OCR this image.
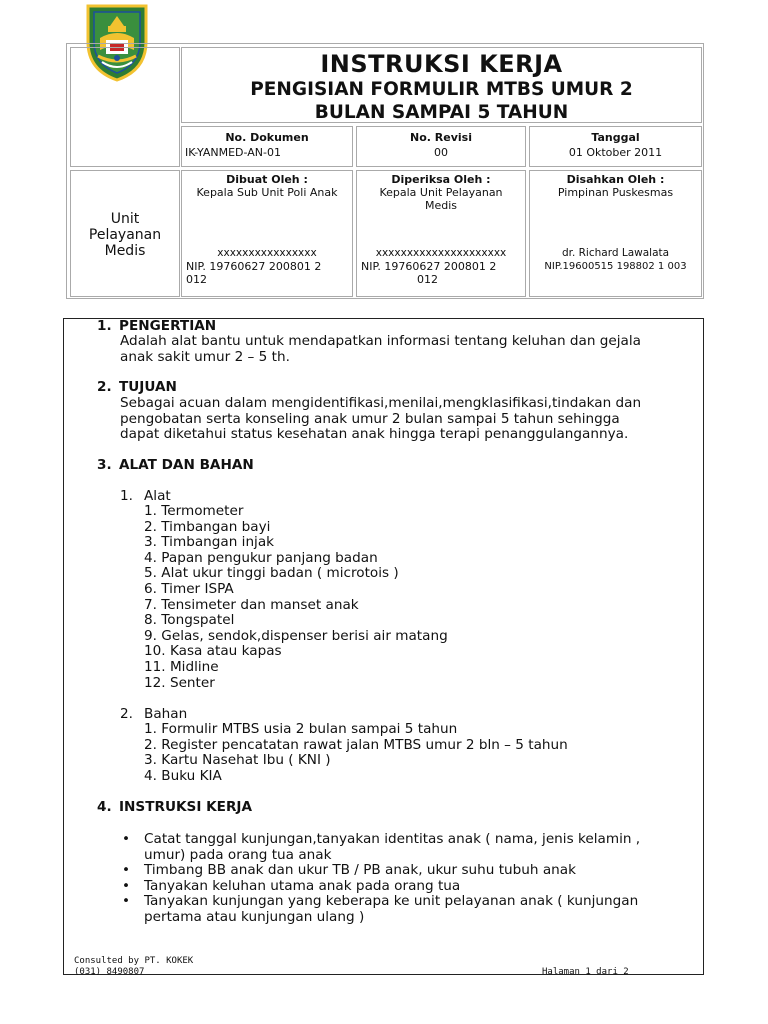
INSTRUKSI KERJA
PENGISIAN FORMULIR MTBS UMUR 2
BULAN SAMPAI 5 TAHUN
No. Dokumen
IK-YANMED-AN-01
No. Revisi
00
Tanggal
01 Oktober 2011
Unit
Pelayanan
Medis
Dibuat Oleh :
Kepala Sub Unit Poli Anak
xxxxxxxxxxxxxxxx
NIP. 19760627 200801 2
012
Diperiksa Oleh :
Kepala Unit Pelayanan
Medis
xxxxxxxxxxxxxxxxxxxxx
NIP. 19760627 200801 2
012
Disahkan Oleh :
Pimpinan Puskesmas
dr. Richard Lawalata
NIP.19600515 198802 1 003
1. PENGERTIAN
Adalah alat bantu untuk mendapatkan informasi tentang keluhan dan gejala
anak sakit umur 2 – 5 th.
2. TUJUAN
Sebagai acuan dalam mengidentifikasi,menilai,mengklasifikasi,tindakan dan
pengobatan serta konseling anak umur 2 bulan sampai 5 tahun sehingga
dapat diketahui status kesehatan anak hingga terapi penanggulangannya.
3. ALAT DAN BAHAN
1. Alat
1. Termometer
2. Timbangan bayi
3. Timbangan injak
4. Papan pengukur panjang badan
5. Alat ukur tinggi badan ( microtois )
6. Timer ISPA
7. Tensimeter dan manset anak
8. Tongspatel
9. Gelas, sendok,dispenser berisi air matang
10. Kasa atau kapas
11. Midline
12. Senter
2. Bahan
1. Formulir MTBS usia 2 bulan sampai 5 tahun
2. Register pencatatan rawat jalan MTBS umur 2 bln – 5 tahun
3. Kartu Nasehat Ibu ( KNI )
4. Buku KIA
4. INSTRUKSI KERJA
• Catat tanggal kunjungan,tanyakan identitas anak ( nama, jenis kelamin ,
umur) pada orang tua anak
• Timbang BB anak dan ukur TB / PB anak, ukur suhu tubuh anak
• Tanyakan keluhan utama anak pada orang tua
• Tanyakan kunjungan yang keberapa ke unit pelayanan anak ( kunjungan
pertama atau kunjungan ulang )
Consulted by PT. KOKEK
(031) 8490807	Halaman 1 dari 2
